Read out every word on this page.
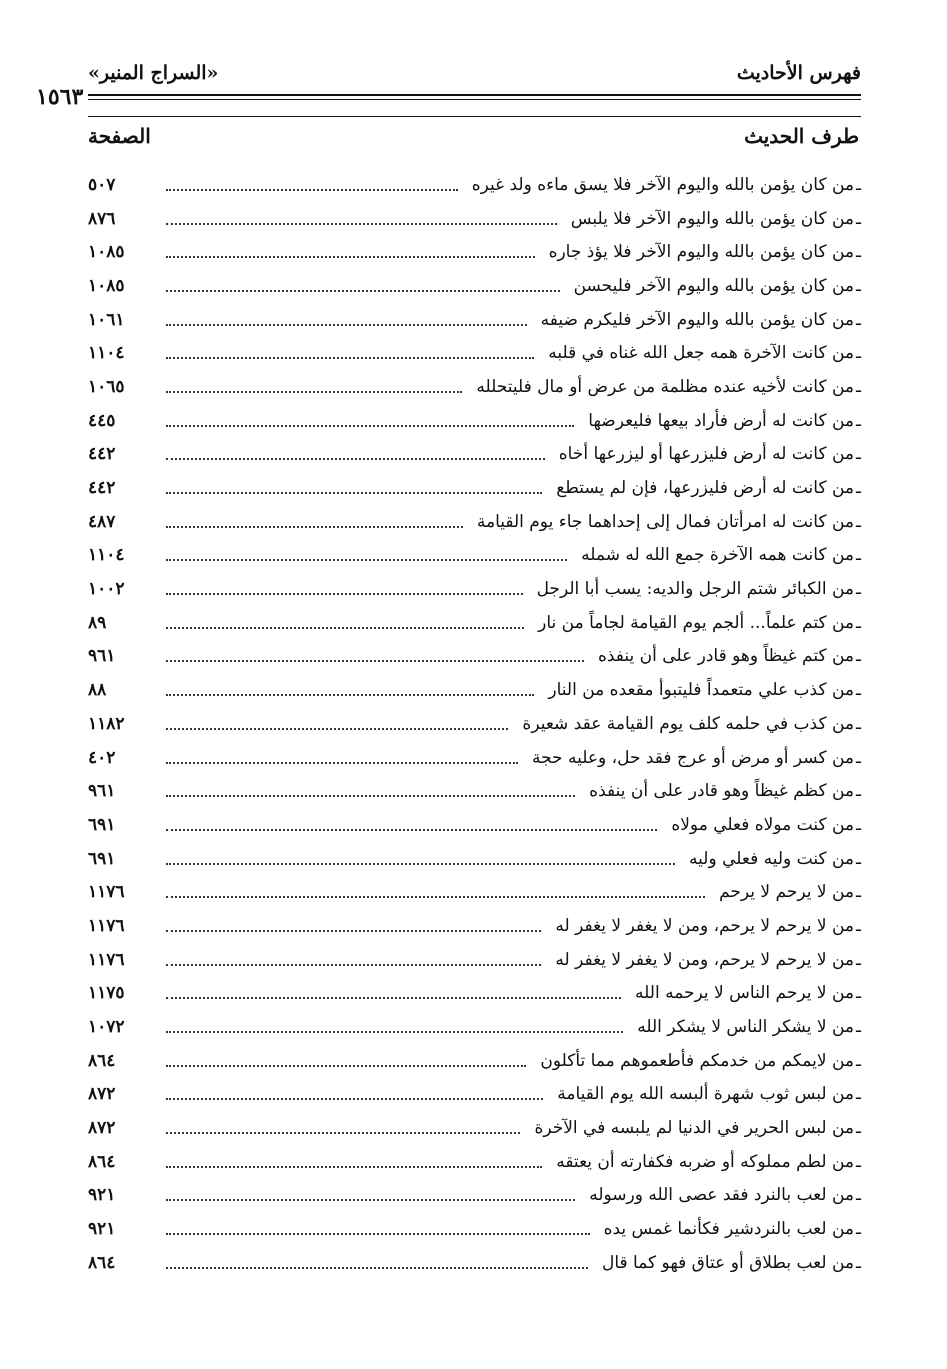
فهرس الأحاديث
«السراج المنير»
١٥٦٣
طرف الحديث
الصفحة
ـ
من كان يؤمن بالله واليوم الآخر فلا يسق ماءه ولد غيره
٥٠٧
ـ
من كان يؤمن بالله واليوم الآخر فلا يلبس
٨٧٦
ـ
من كان يؤمن بالله واليوم الآخر فلا يؤذ جاره
١٠٨٥
ـ
من كان يؤمن بالله واليوم الآخر فليحسن
١٠٨٥
ـ
من كان يؤمن بالله واليوم الآخر فليكرم ضيفه
١٠٦١
ـ
من كانت الآخرة همه جعل الله غناه في قلبه
١١٠٤
ـ
من كانت لأخيه عنده مظلمة من عرض أو مال فليتحلله
١٠٦٥
ـ
من كانت له أرض فأراد بيعها فليعرضها
٤٤٥
ـ
من كانت له أرض فليزرعها أو ليزرعها أخاه
٤٤٢
ـ
من كانت له أرض فليزرعها، فإن لم يستطع
٤٤٢
ـ
من كانت له امرأتان فمال إلى إحداهما جاء يوم القيامة
٤٨٧
ـ
من كانت همه الآخرة جمع الله له شمله
١١٠٤
ـ
من الكبائر شتم الرجل والديه: يسب أبا الرجل
١٠٠٢
ـ
من كتم علماً... ألجم يوم القيامة لجاماً من نار
٨٩
ـ
من كتم غيظاً وهو قادر على أن ينفذه
٩٦١
ـ
من كذب علي متعمداً فليتبوأ مقعده من النار
٨٨
ـ
من كذب في حلمه كلف يوم القيامة عقد شعيرة
١١٨٢
ـ
من كسر أو مرض أو عرج فقد حل، وعليه حجة
٤٠٢
ـ
من كظم غيظاً وهو قادر على أن ينفذه
٩٦١
ـ
من كنت مولاه فعلي مولاه
٦٩١
ـ
من كنت وليه فعلي وليه
٦٩١
ـ
من لا يرحم لا يرحم
١١٧٦
ـ
من لا يرحم لا يرحم، ومن لا يغفر لا يغفر له
١١٧٦
ـ
من لا يرحم لا يرحم، ومن لا يغفر لا يغفر له
١١٧٦
ـ
من لا يرحم الناس لا يرحمه الله
١١٧٥
ـ
من لا يشكر الناس لا يشكر الله
١٠٧٢
ـ
من لايمكم من خدمكم فأطعموهم مما تأكلون
٨٦٤
ـ
من لبس ثوب شهرة ألبسه الله يوم القيامة
٨٧٢
ـ
من لبس الحرير في الدنيا لم يلبسه في الآخرة
٨٧٢
ـ
من لطم مملوكه أو ضربه فكفارته أن يعتقه
٨٦٤
ـ
من لعب بالنرد فقد عصى الله ورسوله
٩٢١
ـ
من لعب بالنردشير فكأنما غمس يده
٩٢١
ـ
من لعب بطلاق أو عتاق فهو كما قال
٨٦٤
